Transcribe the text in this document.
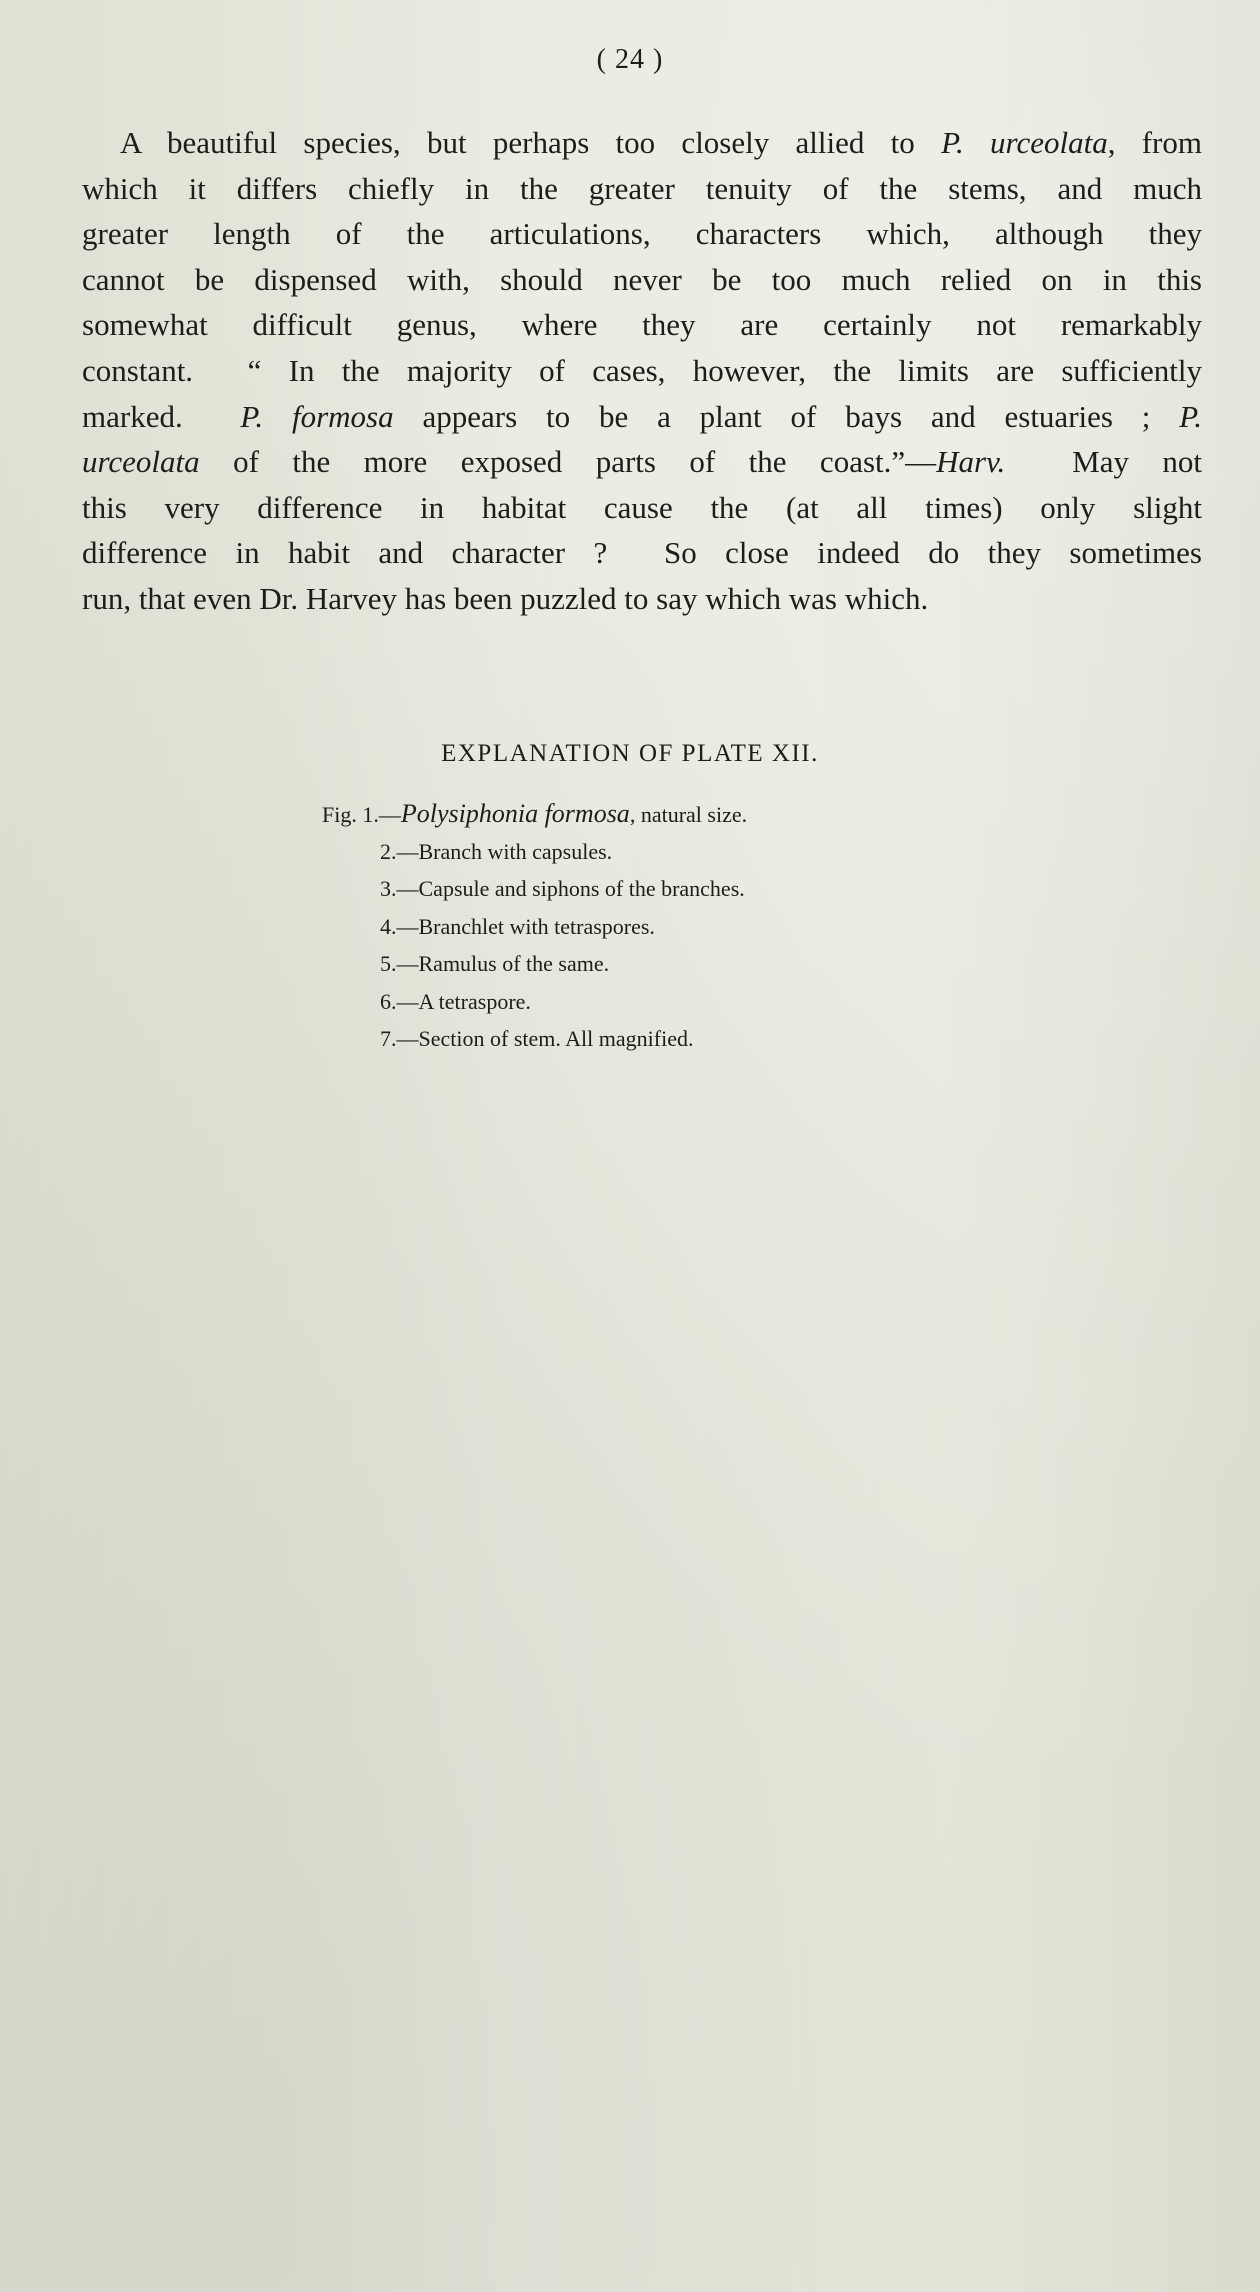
( 24 )
A beautiful species, but perhaps too closely allied to P. urceolata, from
which it differs chiefly in the greater tenuity of the stems, and much
greater length of the articulations, characters which, although they
cannot be dispensed with, should never be too much relied on in this
somewhat difficult genus, where they are certainly not remarkably
constant.  “ In the majority of cases, however, the limits are sufficiently
marked.  P. formosa appears to be a plant of bays and estuaries ; P.
urceolata of the more exposed parts of the coast.”—Harv.  May not
this very difference in habitat cause the (at all times) only slight
difference in habit and character ?  So close indeed do they sometimes
run, that even Dr. Harvey has been puzzled to say which was which.
EXPLANATION OF PLATE XII.
Fig. 1.—Polysiphonia formosa, natural size.
2.—Branch with capsules.
3.—Capsule and siphons of the branches.
4.—Branchlet with tetraspores.
5.—Ramulus of the same.
6.—A tetraspore.
7.—Section of stem. All magnified.
